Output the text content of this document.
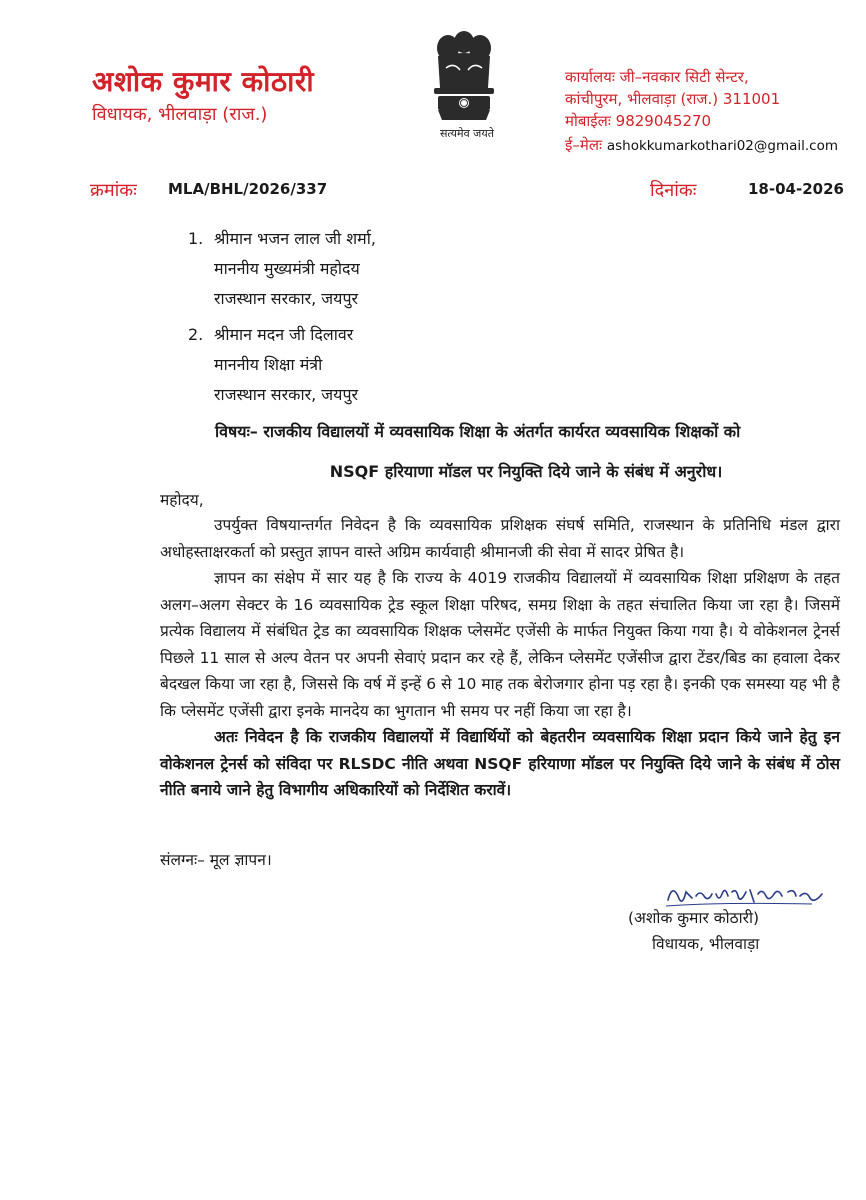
अशोक कुमार कोठारी
विधायक, भीलवाड़ा (राज.)
सत्यमेव जयते
कार्यालयः जी–नवकार सिटी सेन्टर,
कांचीपुरम, भीलवाड़ा (राज.) 311001
मोबाईलः 9829045270
ई–मेलः ashokkumarkothari02@gmail.com
क्रमांकः MLA/BHL/2026/337	दिनांकः	18-04-2026
1. श्रीमान भजन लाल जी शर्मा,
माननीय मुख्यमंत्री महोदय
राजस्थान सरकार, जयपुर
2. श्रीमान मदन जी दिलावर
माननीय शिक्षा मंत्री
राजस्थान सरकार, जयपुर
विषयः– राजकीय विद्यालयों में व्यवसायिक शिक्षा के अंतर्गत कार्यरत व्यवसायिक शिक्षकों को
NSQF हरियाणा मॉडल पर नियुक्ति दिये जाने के संबंध में अनुरोध।
महोदय,

उपर्युक्त विषयान्तर्गत निवेदन है कि व्यवसायिक प्रशिक्षक संघर्ष समिति, राजस्थान के प्रतिनिधि मंडल द्वारा अधोहस्ताक्षरकर्ता को प्रस्तुत ज्ञापन वास्ते अग्रिम कार्यवाही श्रीमानजी की सेवा में सादर प्रेषित है।

ज्ञापन का संक्षेप में सार यह है कि राज्य के 4019 राजकीय विद्यालयों में व्यवसायिक शिक्षा प्रशिक्षण के तहत अलग–अलग सेक्टर के 16 व्यवसायिक ट्रेड स्कूल शिक्षा परिषद, समग्र शिक्षा के तहत संचालित किया जा रहा है। जिसमें प्रत्येक विद्यालय में संबंधित ट्रेड का व्यवसायिक शिक्षक प्लेसमेंट एजेंसी के मार्फत नियुक्त किया गया है। ये वोकेशनल ट्रेनर्स पिछले 11 साल से अल्प वेतन पर अपनी सेवाएं प्रदान कर रहे हैं, लेकिन प्लेसमेंट एजेंसीज द्वारा टेंडर/बिड का हवाला देकर बेदखल किया जा रहा है, जिससे कि वर्ष में इन्हें 6 से 10 माह तक बेरोजगार होना पड़ रहा है। इनकी एक समस्या यह भी है कि प्लेसमेंट एजेंसी द्वारा इनके मानदेय का भुगतान भी समय पर नहीं किया जा रहा है।

अतः निवेदन है कि राजकीय विद्यालयों में विद्यार्थियों को बेहतरीन व्यवसायिक शिक्षा प्रदान किये जाने हेतु इन वोकेशनल ट्रेनर्स को संविदा पर RLSDC नीति अथवा NSQF हरियाणा मॉडल पर नियुक्ति दिये जाने के संबंध में ठोस नीति बनाये जाने हेतु विभागीय अधिकारियों को निर्देशित करावें।

संलग्नः– मूल ज्ञापन।
(अशोक कुमार कोठारी)
विधायक, भीलवाड़ा
